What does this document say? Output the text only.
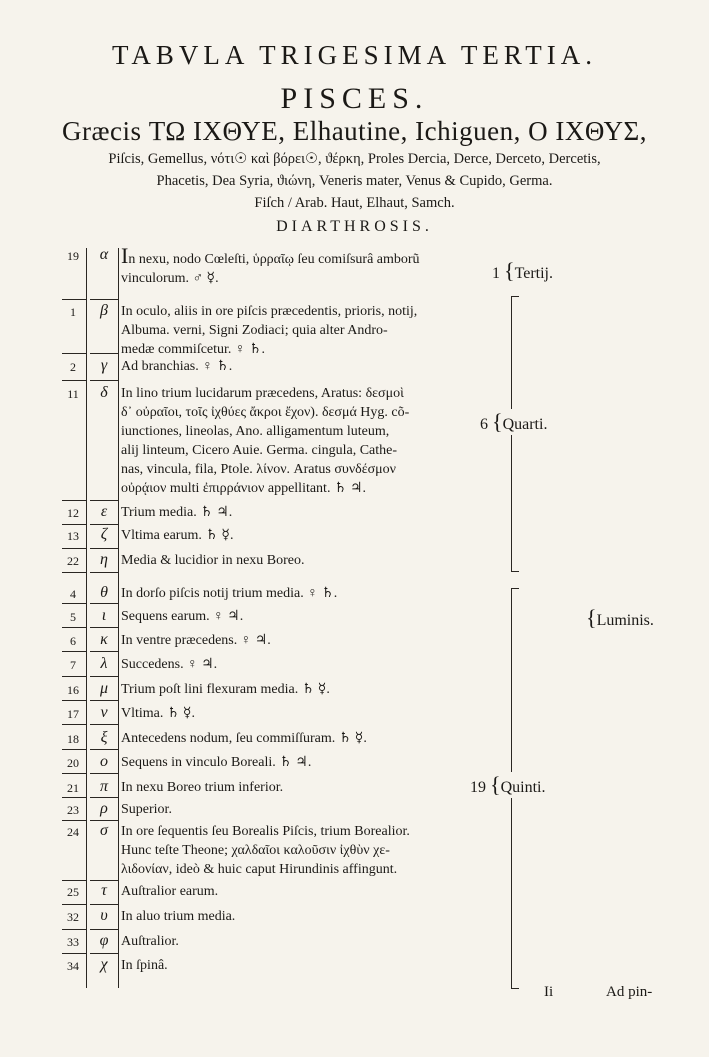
TABVLA TRIGESIMA TERTIA.
PISCES.
Græcis ΤΩ ΙΧΘΥΕ, Elhautine, Ichiguen, Ο ΙΧΘΥΣ,
Piſcis, Gemellus, νότι☉ καὶ βόρει☉, ϑέρκη, Proles Dercia, Derce, Derceto, Dercetis,
Phacetis, Dea Syria, ϑιώνη, Veneris mater, Venus & Cupido, Germa.
Fiſch / Arab. Haut, Elhaut, Samch.
DIARTHROSIS.
19	α In nexu, nodo Cœleſti, ὑρραῖῳ ſeu comiſsurâ amborũ
vinculorum. ♂ ☿.
1	β In oculo, aliis in ore piſcis præcedentis, prioris, notij,
Albuma. verni, Signi Zodiaci; quia alter Andro-
medæ commiſcetur. ♀ ♄.
2	γ Ad branchias. ♀ ♄.
11	δ In lino trium lucidarum præcedens, Aratus: δεσμοὶ
δ᾽ οὐραῖοι, τοῖς ἰχθύες ἄκροι ἔχον). δεσμά Hyg. cõ-
iunctiones, lineolas, Ano. alligamentum luteum,
alij linteum, Cicero Auie. Germa. cingula, Cathe-
nas, vincula, fila, Ptole. λίνον. Aratus συνδέσμον
οὐρᾴιον multi ἐπιρράνιον appellitant. ♄ ♃.
12	ε Trium media. ♄ ♃.
13	ζ Vltima earum. ♄ ☿.
22	η Media & lucidior in nexu Boreo.
4	θ In dorſo piſcis notij trium media. ♀ ♄.
5	ι	Sequens earum. ♀ ♃.
6	κ In ventre præcedens. ♀ ♃.
7	λ Succedens. ♀ ♃.
16	μ Trium poſt lini flexuram media. ♄ ☿.
17	ν Vltima. ♄ ☿.
18	ξ Antecedens nodum, ſeu commiſſuram. ♄ ☿.
20	ο Sequens in vinculo Boreali. ♄ ♃.
21	π In nexu Boreo trium inferior.
23	ρ Superior.
24	σ In ore ſequentis ſeu Borealis Piſcis, trium Borealior.
Hunc teſte Theone; χαλδαῖοι καλοῦσιν ἰχθὺν χε-
λιδονίαν, ideò & huic caput Hirundinis affingunt.
25	τ	Auſtralior earum.
32	υ In aluo trium media.
33	φ Auſtralior.
34	χ In ſpinâ.
1 {Tertij.
6 {Quarti.
{Luminis.
19 {Quinti.
Ii	Ad pin-
